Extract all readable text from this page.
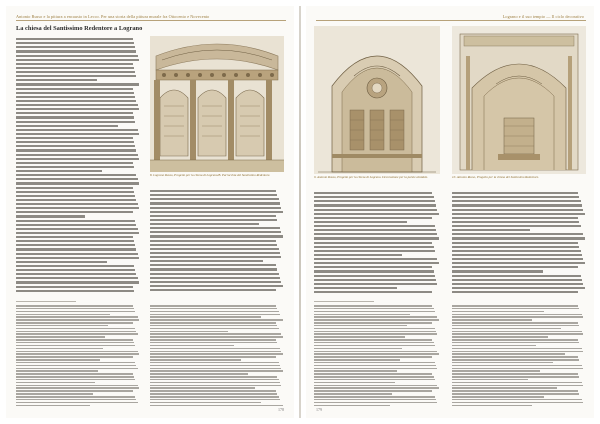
Antonio Russo e la pittura a encausto in Lecco. Per una storia della pittura murale fra Ottocento e Novecento
La chiesa del Santissimo Redentore a Lograno
8. Lograno Russo, Progetto per la chiesa di Lograno/B. Parrocchia del Santissimo Redentore.
178
Lograno e il suo tempio — Il ciclo decorativo
9. Antonio Russo, Progetto per la chiesa di Lograno. Decorazione per la parete absidale.	10. Antonio Russo, Progetto per la chiesa del Santissimo Redentore.
179
